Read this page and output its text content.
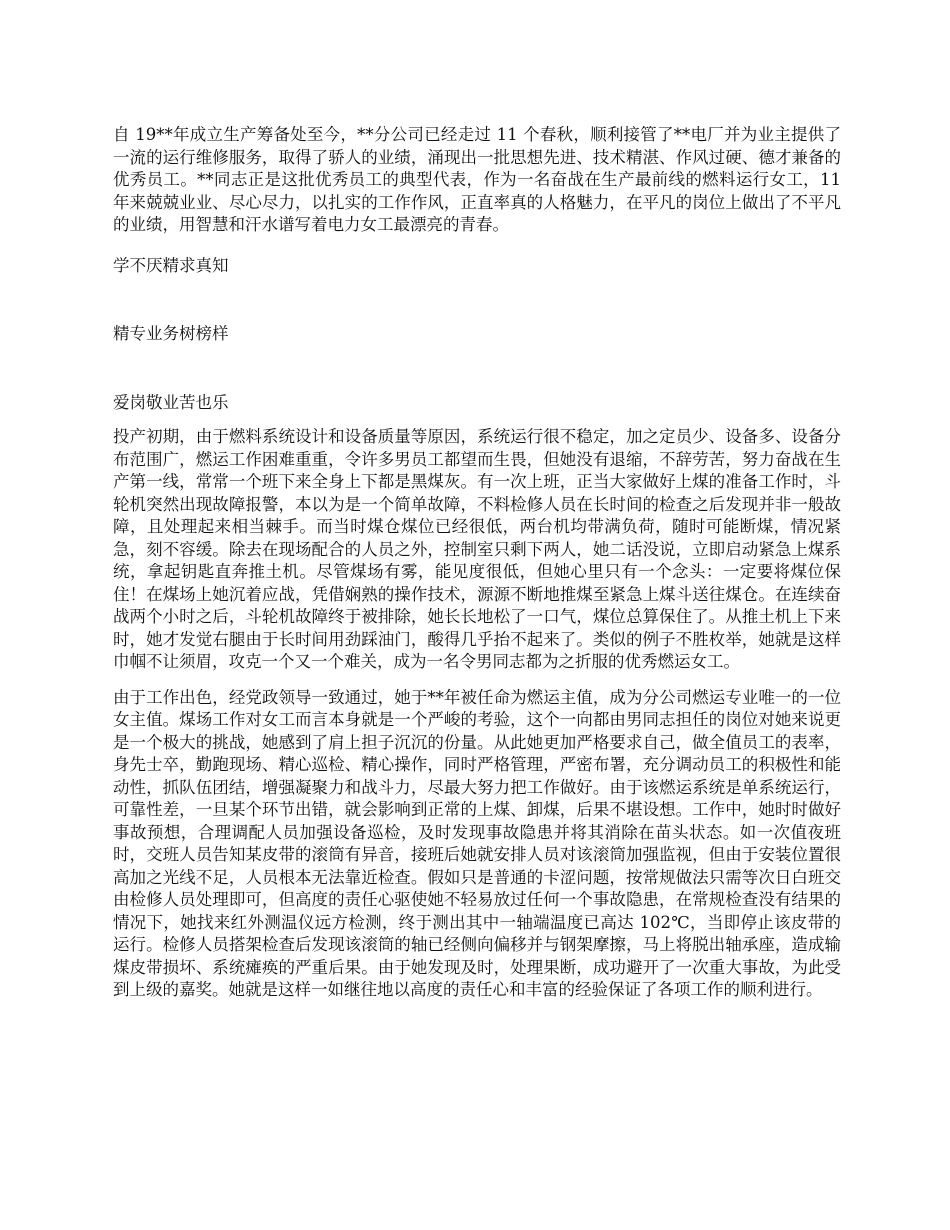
自 19**年成立生产筹备处至今，**分公司已经走过 11 个春秋，顺利接管了**电厂并为业主提供了一流的运行维修服务，取得了骄人的业绩，涌现出一批思想先进、技术精湛、作风过硬、德才兼备的优秀员工。**同志正是这批优秀员工的典型代表，作为一名奋战在生产最前线的燃料运行女工，11 年来兢兢业业、尽心尽力，以扎实的工作作风，正直率真的人格魅力，在平凡的岗位上做出了不平凡的业绩，用智慧和汗水谱写着电力女工最漂亮的青春。

学不厌精求真知

精专业务树榜样

爱岗敬业苦也乐

投产初期，由于燃料系统设计和设备质量等原因，系统运行很不稳定，加之定员少、设备多、设备分布范围广，燃运工作困难重重，令许多男员工都望而生畏，但她没有退缩，不辞劳苦，努力奋战在生产第一线，常常一个班下来全身上下都是黑煤灰。有一次上班，正当大家做好上煤的准备工作时，斗轮机突然出现故障报警，本以为是一个简单故障，不料检修人员在长时间的检查之后发现并非一般故障，且处理起来相当棘手。而当时煤仓煤位已经很低，两台机均带满负荷，随时可能断煤，情况紧急，刻不容缓。除去在现场配合的人员之外，控制室只剩下两人，她二话没说，立即启动紧急上煤系统，拿起钥匙直奔推土机。尽管煤场有雾，能见度很低，但她心里只有一个念头：一定要将煤位保住！在煤场上她沉着应战，凭借娴熟的操作技术，源源不断地推煤至紧急上煤斗送往煤仓。在连续奋战两个小时之后，斗轮机故障终于被排除，她长长地松了一口气，煤位总算保住了。从推土机上下来时，她才发觉右腿由于长时间用劲踩油门，酸得几乎抬不起来了。类似的例子不胜枚举，她就是这样巾帼不让须眉，攻克一个又一个难关，成为一名令男同志都为之折服的优秀燃运女工。

由于工作出色，经党政领导一致通过，她于**年被任命为燃运主值，成为分公司燃运专业唯一的一位女主值。煤场工作对女工而言本身就是一个严峻的考验，这个一向都由男同志担任的岗位对她来说更是一个极大的挑战，她感到了肩上担子沉沉的份量。从此她更加严格要求自己，做全值员工的表率，身先士卒，勤跑现场、精心巡检、精心操作，同时严格管理，严密布署，充分调动员工的积极性和能动性，抓队伍团结，增强凝聚力和战斗力，尽最大努力把工作做好。由于该燃运系统是单系统运行，可靠性差，一旦某个环节出错，就会影响到正常的上煤、卸煤，后果不堪设想。工作中，她时时做好事故预想，合理调配人员加强设备巡检，及时发现事故隐患并将其消除在苗头状态。如一次值夜班时，交班人员告知某皮带的滚筒有异音，接班后她就安排人员对该滚筒加强监视，但由于安装位置很高加之光线不足，人员根本无法靠近检查。假如只是普通的卡涩问题，按常规做法只需等次日白班交由检修人员处理即可，但高度的责任心驱使她不轻易放过任何一个事故隐患，在常规检查没有结果的情况下，她找来红外测温仪远方检测，终于测出其中一轴端温度已高达 102℃，当即停止该皮带的运行。检修人员搭架检查后发现该滚筒的轴已经侧向偏移并与钢架摩擦，马上将脱出轴承座，造成输煤皮带损坏、系统瘫痪的严重后果。由于她发现及时，处理果断，成功避开了一次重大事故，为此受到上级的嘉奖。她就是这样一如继往地以高度的责任心和丰富的经验保证了各项工作的顺利进行。
